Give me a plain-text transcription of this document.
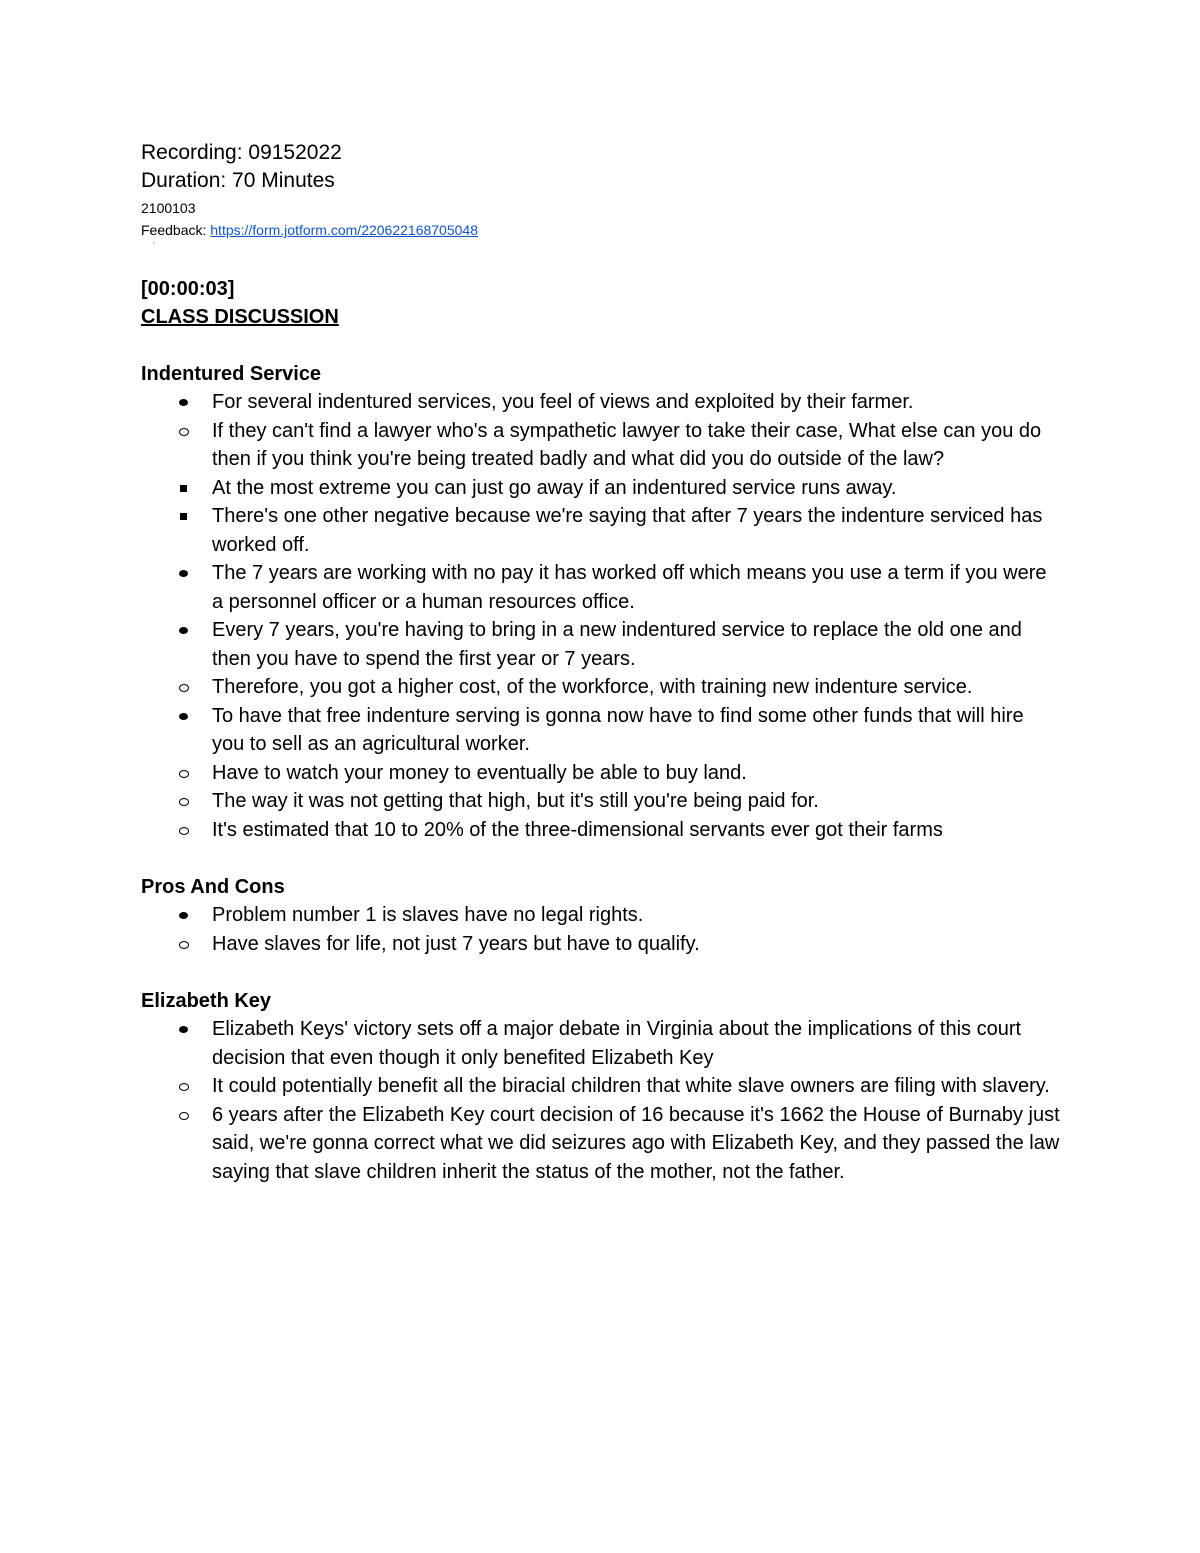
Recording: 09152022
Duration: 70 Minutes
2100103
Feedback: https://form.jotform.com/220622168705048
'
[00:00:03]
CLASS DISCUSSION
Indentured Service
For several indentured services, you feel of views and exploited by their farmer.
If they can't find a lawyer who's a sympathetic lawyer to take their case, What else can you do then if you think you're being treated badly and what did you do outside of the law?
At the most extreme you can just go away if an indentured service runs away.
There's one other negative because we're saying that after 7 years the indenture serviced has worked off.
The 7 years are working with no pay it has worked off which means you use a term if you were a personnel officer or a human resources office.
Every 7 years, you're having to bring in a new indentured service to replace the old one and then you have to spend the first year or 7 years.
Therefore, you got a higher cost, of the workforce, with training new indenture service.
To have that free indenture serving is gonna now have to find some other funds that will hire you to sell as an agricultural worker.
Have to watch your money to eventually be able to buy land.
The way it was not getting that high, but it's still you're being paid for.
It's estimated that 10 to 20% of the three-dimensional servants ever got their farms
Pros And Cons
Problem number 1 is slaves have no legal rights.
Have slaves for life, not just 7 years but have to qualify.
Elizabeth Key
Elizabeth Keys' victory sets off a major debate in Virginia about the implications of this court decision that even though it only benefited Elizabeth Key
It could potentially benefit all the biracial children that white slave owners are filing with slavery.
6 years after the Elizabeth Key court decision of 16 because it's 1662 the House of Burnaby just said, we're gonna correct what we did seizures ago with Elizabeth Key, and they passed the law saying that slave children inherit the status of the mother, not the father.
